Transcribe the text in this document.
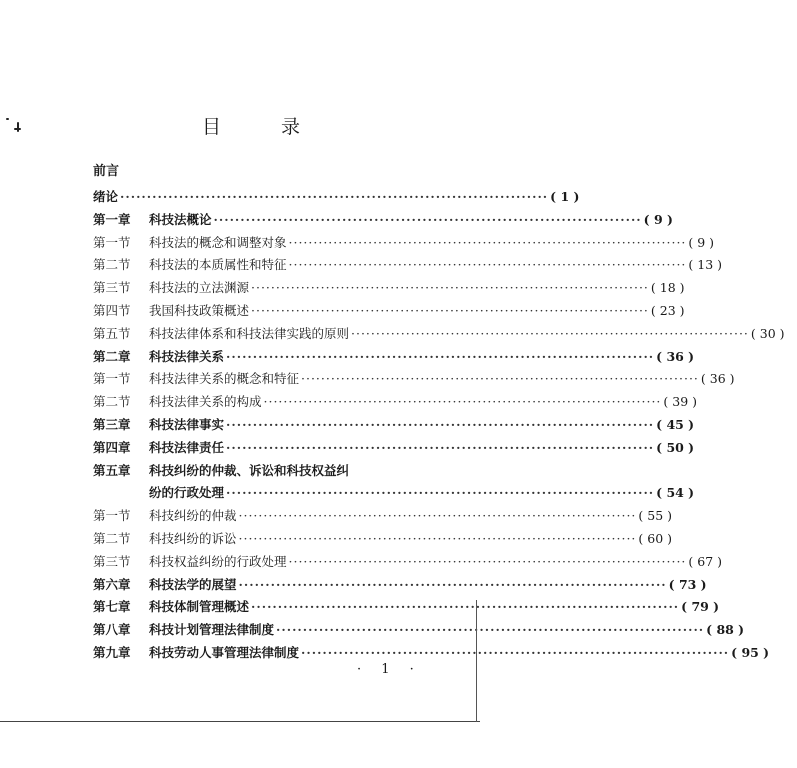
目	录
前言
绪论 ················································································ ( 1 )
第一章	科技法概论 ················································································ ( 9 )
第一节	科技法的概念和调整对象 ················································································ ( 9 )
第二节	科技法的本质属性和特征 ················································································ ( 13 )
第三节	科技法的立法渊源 ················································································ ( 18 )
第四节	我国科技政策概述 ················································································ ( 23 )
第五节	科技法律体系和科技法律实践的原则 ················································································ ( 30 )
第二章	科技法律关系 ················································································ ( 36 )
第一节	科技法律关系的概念和特征 ················································································ ( 36 )
第二节	科技法律关系的构成 ················································································ ( 39 )
第三章	科技法律事实 ················································································ ( 45 )
第四章	科技法律责任 ················································································ ( 50 )
第五章	科技纠纷的仲裁、诉讼和科技权益纠
纷的行政处理 ················································································ ( 54 )
第一节	科技纠纷的仲裁 ················································································ ( 55 )
第二节	科技纠纷的诉讼 ················································································ ( 60 )
第三节	科技权益纠纷的行政处理 ················································································ ( 67 )
第六章	科技法学的展望 ················································································ ( 73 )
第七章	科技体制管理概述 ················································································ ( 79 )
第八章	科技计划管理法律制度 ················································································ ( 88 )
第九章	科技劳动人事管理法律制度 ················································································ ( 95 )
· 1 ·
